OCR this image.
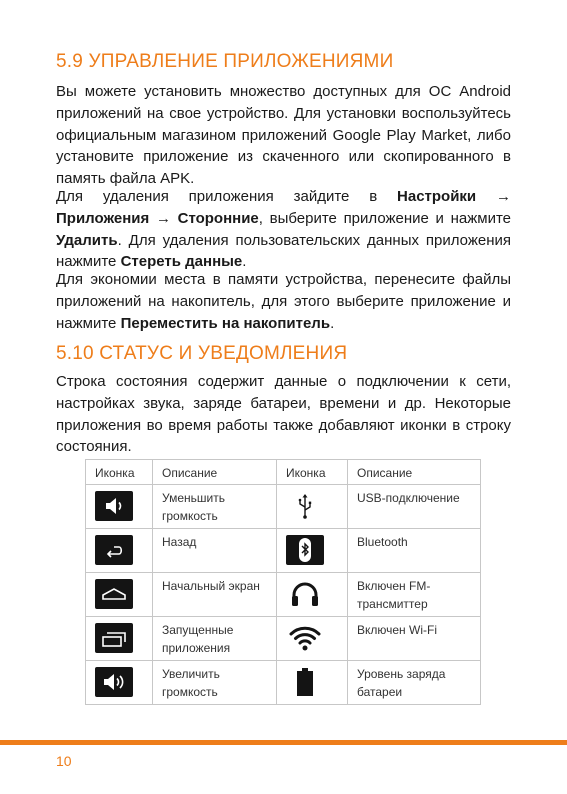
5.9 УПРАВЛЕНИЕ ПРИЛОЖЕНИЯМИ

Вы можете установить множество доступных для ОС Android приложений на свое устройство. Для установки воспользуйтесь официальным магазином приложений Google Play Market, либо установите приложение из скаченного или скопированного в память файла APK.

Для удаления приложения зайдите в Настройки → Приложения → Сторонние, выберите приложение и нажмите Удалить. Для удаления пользовательских данных приложения нажмите Стереть данные.

Для экономии места в памяти устройства, перенесите файлы приложений на накопитель, для этого выберите приложение и нажмите Переместить на накопитель.

5.10 СТАТУС И УВЕДОМЛЕНИЯ

Строка состояния содержит данные о подключении к сети, настройках звука, заряде батареи, времени и др. Некоторые приложения во время работы также добавляют иконки в строку состояния.

Иконка	Описание	Иконка	Описание

	Уменьшить громкость		USB-подключение

	Назад		Bluetooth

	Начальный экран		Включен FM-трансмиттер

	Запущенные приложения		Включен Wi-Fi

	Увеличить громкость		Уровень заряда батареи
10
